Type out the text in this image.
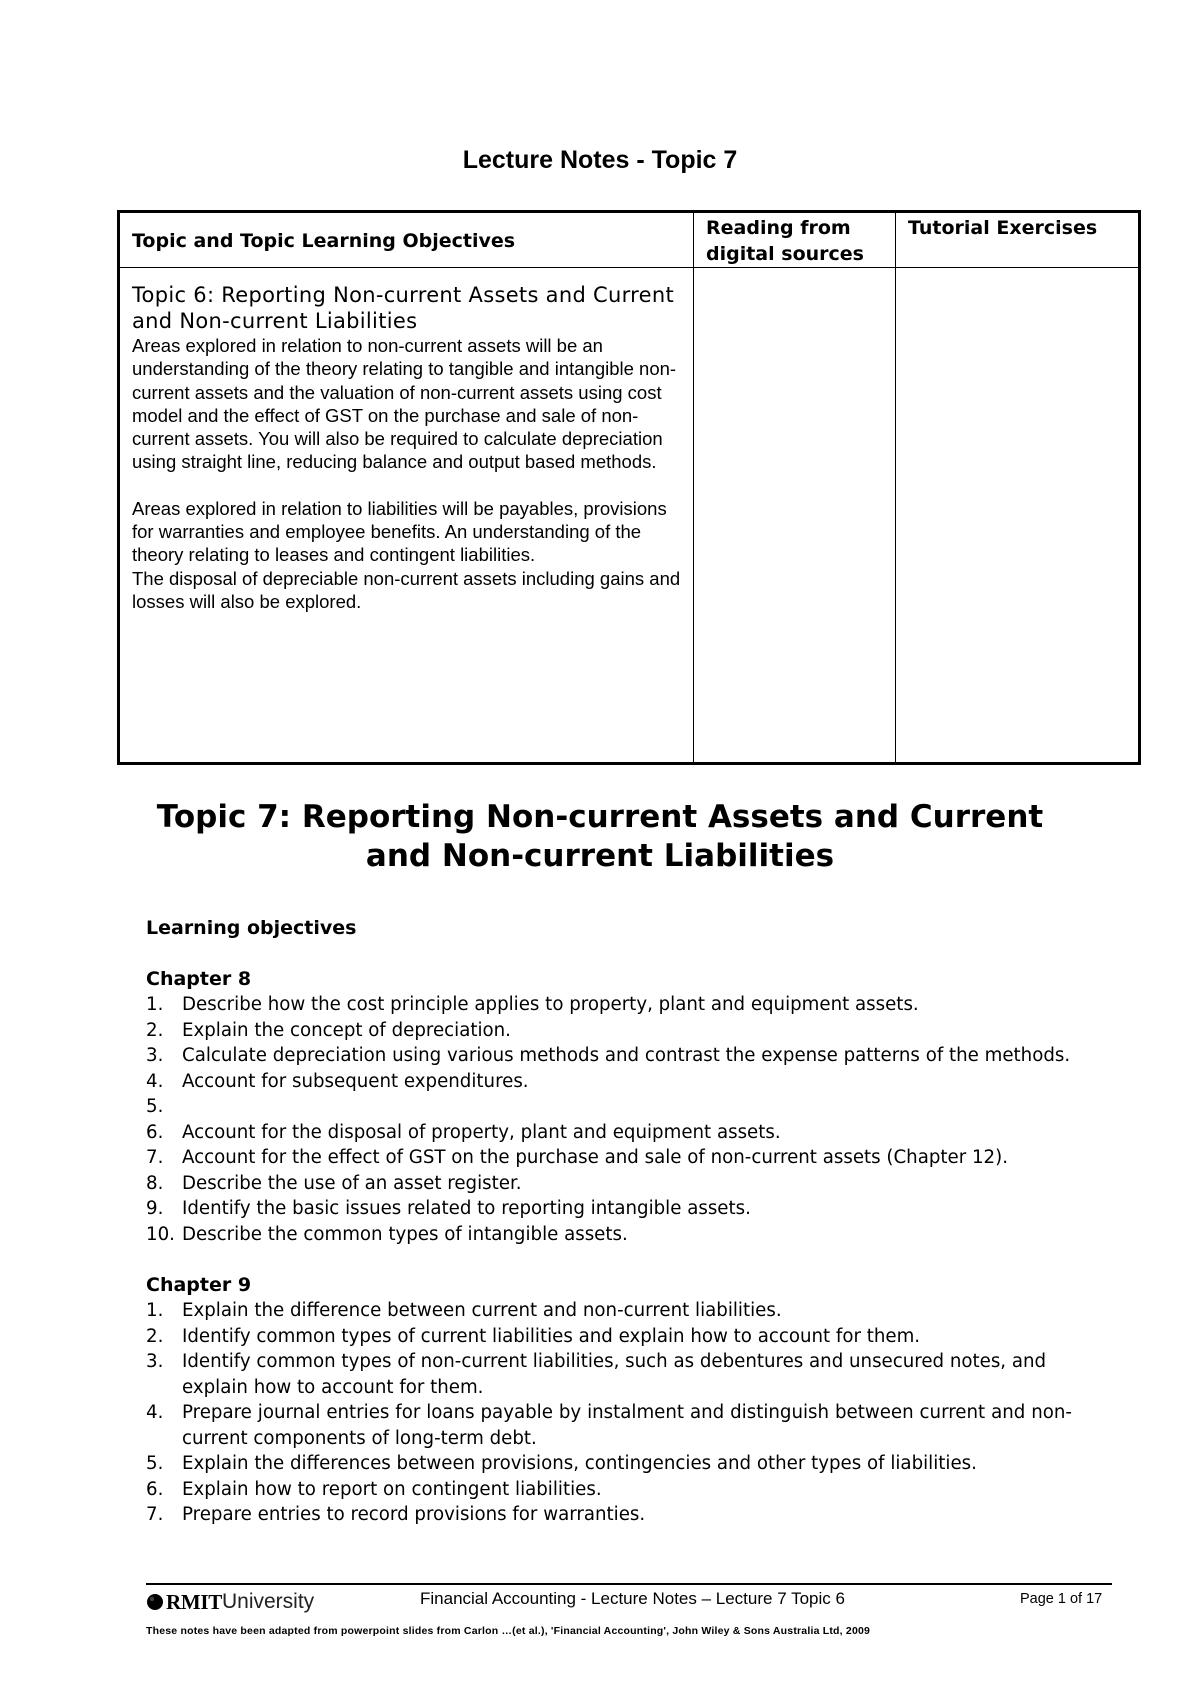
Lecture Notes - Topic 7
Topic and Topic Learning Objectives	Reading from digital sources	Tutorial Exercises

Topic 6: Reporting Non-current Assets and Current and Non-current Liabilities

Areas explored in relation to non-current assets will be an understanding of the theory relating to tangible and intangible non-current assets and the valuation of non-current assets using cost model and the effect of GST on the purchase and sale of non-current assets. You will also be required to calculate depreciation using straight line, reducing balance and output based methods.

Areas explored in relation to liabilities will be payables, provisions for warranties and employee benefits. An understanding of the theory relating to leases and contingent liabilities.

The disposal of depreciable non-current assets including gains and losses will also be explored.		

Topic 7: Reporting Non-current Assets and Current
and Non-current Liabilities

Learning objectives

Chapter 8

1. Describe how the cost principle applies to property, plant and equipment assets.
2. Explain the concept of depreciation.
3. Calculate depreciation using various methods and contrast the expense patterns of the methods.
4. Account for subsequent expenditures.
5.

6. Account for the disposal of property, plant and equipment assets.
7. Account for the effect of GST on the purchase and sale of non-current assets (Chapter 12).
8. Describe the use of an asset register.
9. Identify the basic issues related to reporting intangible assets.
10. Describe the common types of intangible assets.

Chapter 9

1. Explain the difference between current and non-current liabilities.
2. Identify common types of current liabilities and explain how to account for them.
3. Identify common types of non-current liabilities, such as debentures and unsecured notes, and explain how to account for them.
4. Prepare journal entries for loans payable by instalment and distinguish between current and non-current components of long-term debt.
5. Explain the differences between provisions, contingencies and other types of liabilities.
6. Explain how to report on contingent liabilities.
7. Prepare entries to record provisions for warranties.
RMIT University	Financial Accounting - Lecture Notes – Lecture 7 Topic 6	Page 1 of 17
These notes have been adapted from powerpoint slides from Carlon …(et al.), 'Financial Accounting', John Wiley & Sons Australia Ltd, 2009
